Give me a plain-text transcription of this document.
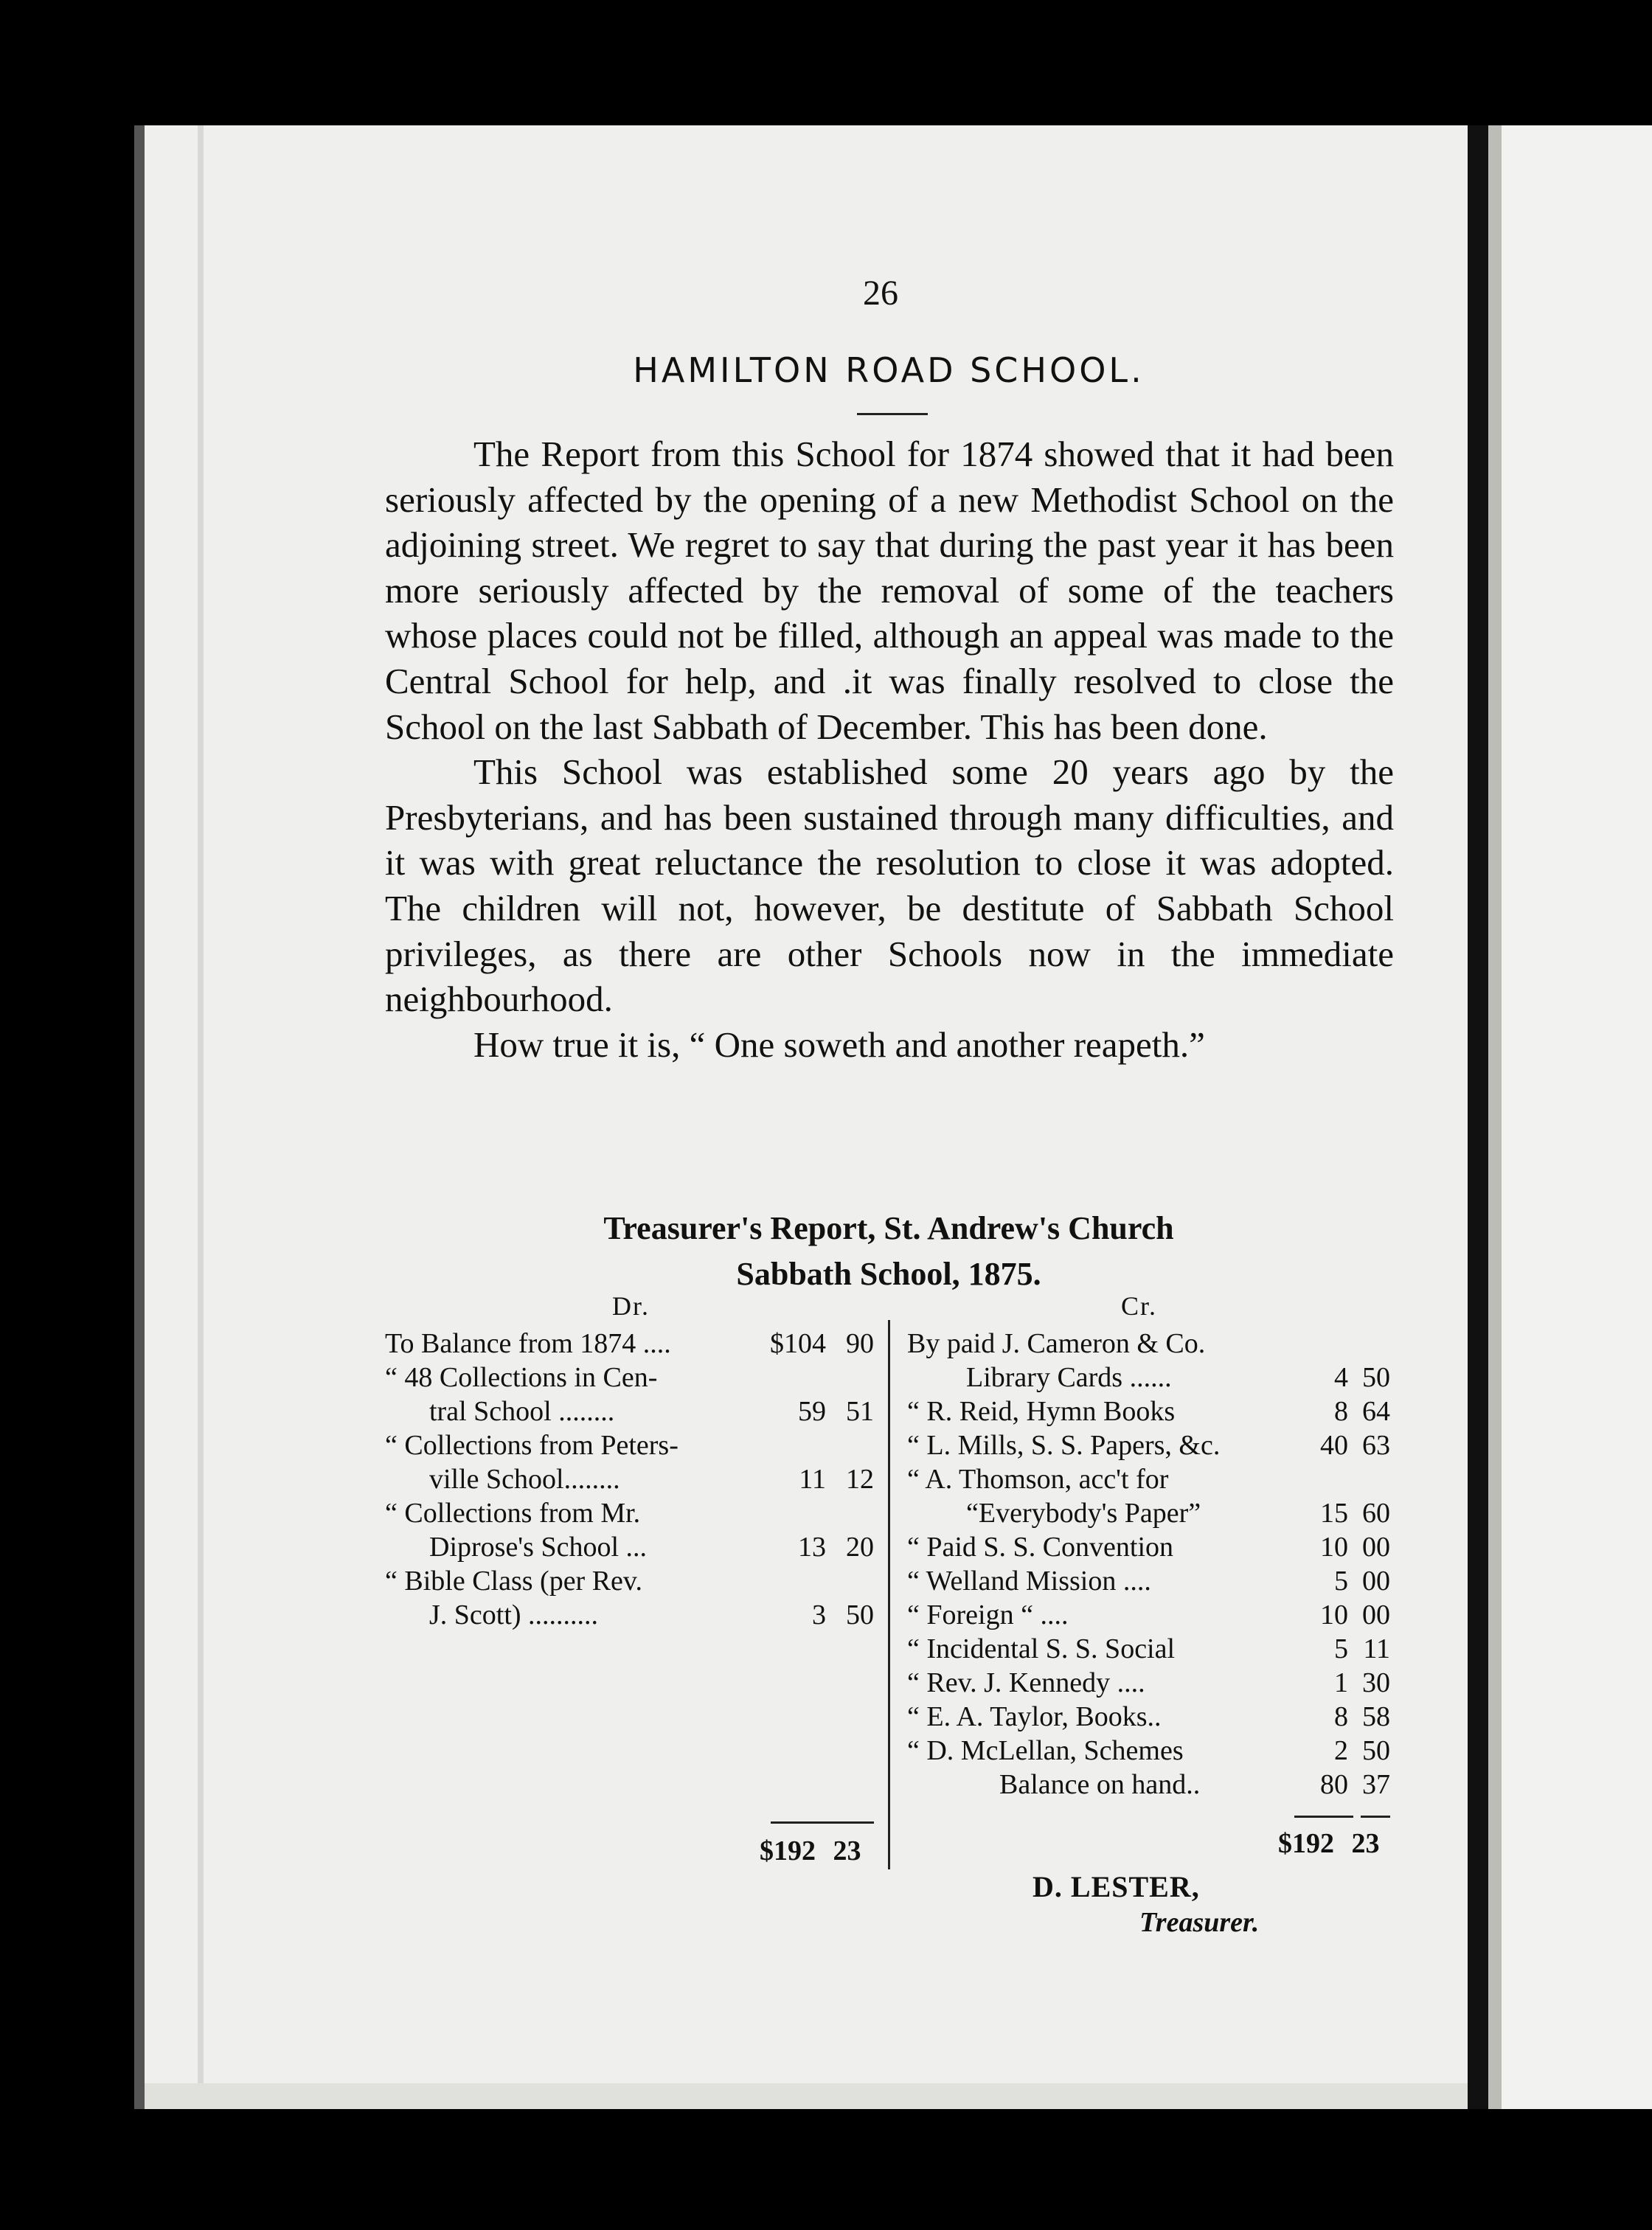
26
HAMILTON ROAD SCHOOL.

The Report from this School for 1874 showed that it had been seriously affected by the opening of a new Methodist School on the adjoining street. We regret to say that during the past year it has been more seriously affected by the removal of some of the teachers whose places could not be filled, although an appeal was made to the Central School for help, and .it was finally resolved to close the School on the last Sabbath of December. This has been done.

This School was established some 20 years ago by the Presbyterians, and has been sustained through many difficulties, and it was with great reluctance the resolution to close it was adopted. The children will not, however, be destitute of Sabbath School privileges, as there are other Schools now in the immediate neighbourhood.

How true it is, “ One soweth and another reapeth.”

Treasurer's Report, St. Andrew's Church
Sabbath School, 1875.
Dr.	Cr.
To Balance from 1874 ....	$104 90
“ 48 Collections in Cen-
tral School ........	59 51
“ Collections from Peters-
ville School........	11 12
“ Collections from Mr.
Diprose's School ...	13 20
“ Bible Class (per Rev.
J. Scott) ..........	3 50
By paid J. Cameron & Co.
Library Cards ......	4 50
“ R. Reid, Hymn Books	8 64
“ L. Mills, S. S. Papers, &c.	40 63
“ A. Thomson, acc't for
“Everybody's Paper”	15 60
“ Paid S. S. Convention	10 00
“ Welland Mission ....	5 00
“ Foreign “ ....	10 00
“ Incidental S. S. Social	5 11
“ Rev. J. Kennedy ....	1 30
“ E. A. Taylor, Books..	8 58
“ D. McLellan, Schemes	2 50
Balance on hand..	80 37
$192 23	$192 23
D. LESTER,
Treasurer.
